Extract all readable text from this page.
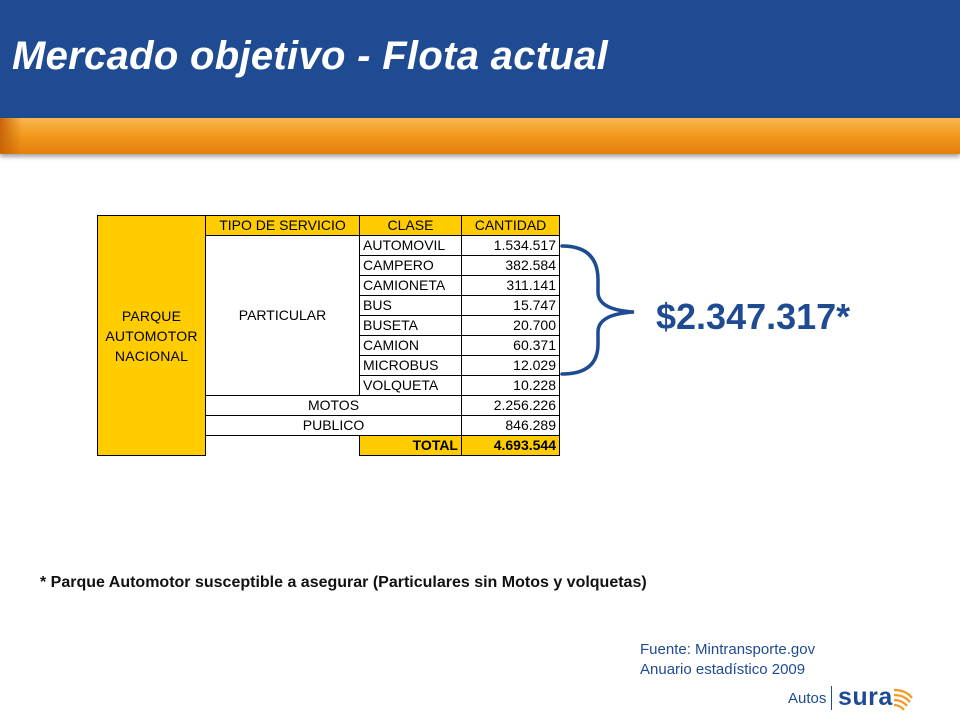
Mercado objetivo - Flota actual
PARQUE AUTOMOTOR NACIONAL	TIPO DE SERVICIO	CLASE	CANTIDAD
	PARTICULAR	AUTOMOVIL	1.534.517
		CAMPERO	382.584
		CAMIONETA	311.141
		BUS	15.747
		BUSETA	20.700
		CAMION	60.371
		MICROBUS	12.029
		VOLQUETA	10.228
	MOTOS		2.256.226
	PUBLICO		846.289
		TOTAL	4.693.544
$2.347.317*
* Parque Automotor susceptible a asegurar (Particulares sin Motos y volquetas)
Fuente: Mintransporte.gov
Anuario estadístico 2009
Autos sura
